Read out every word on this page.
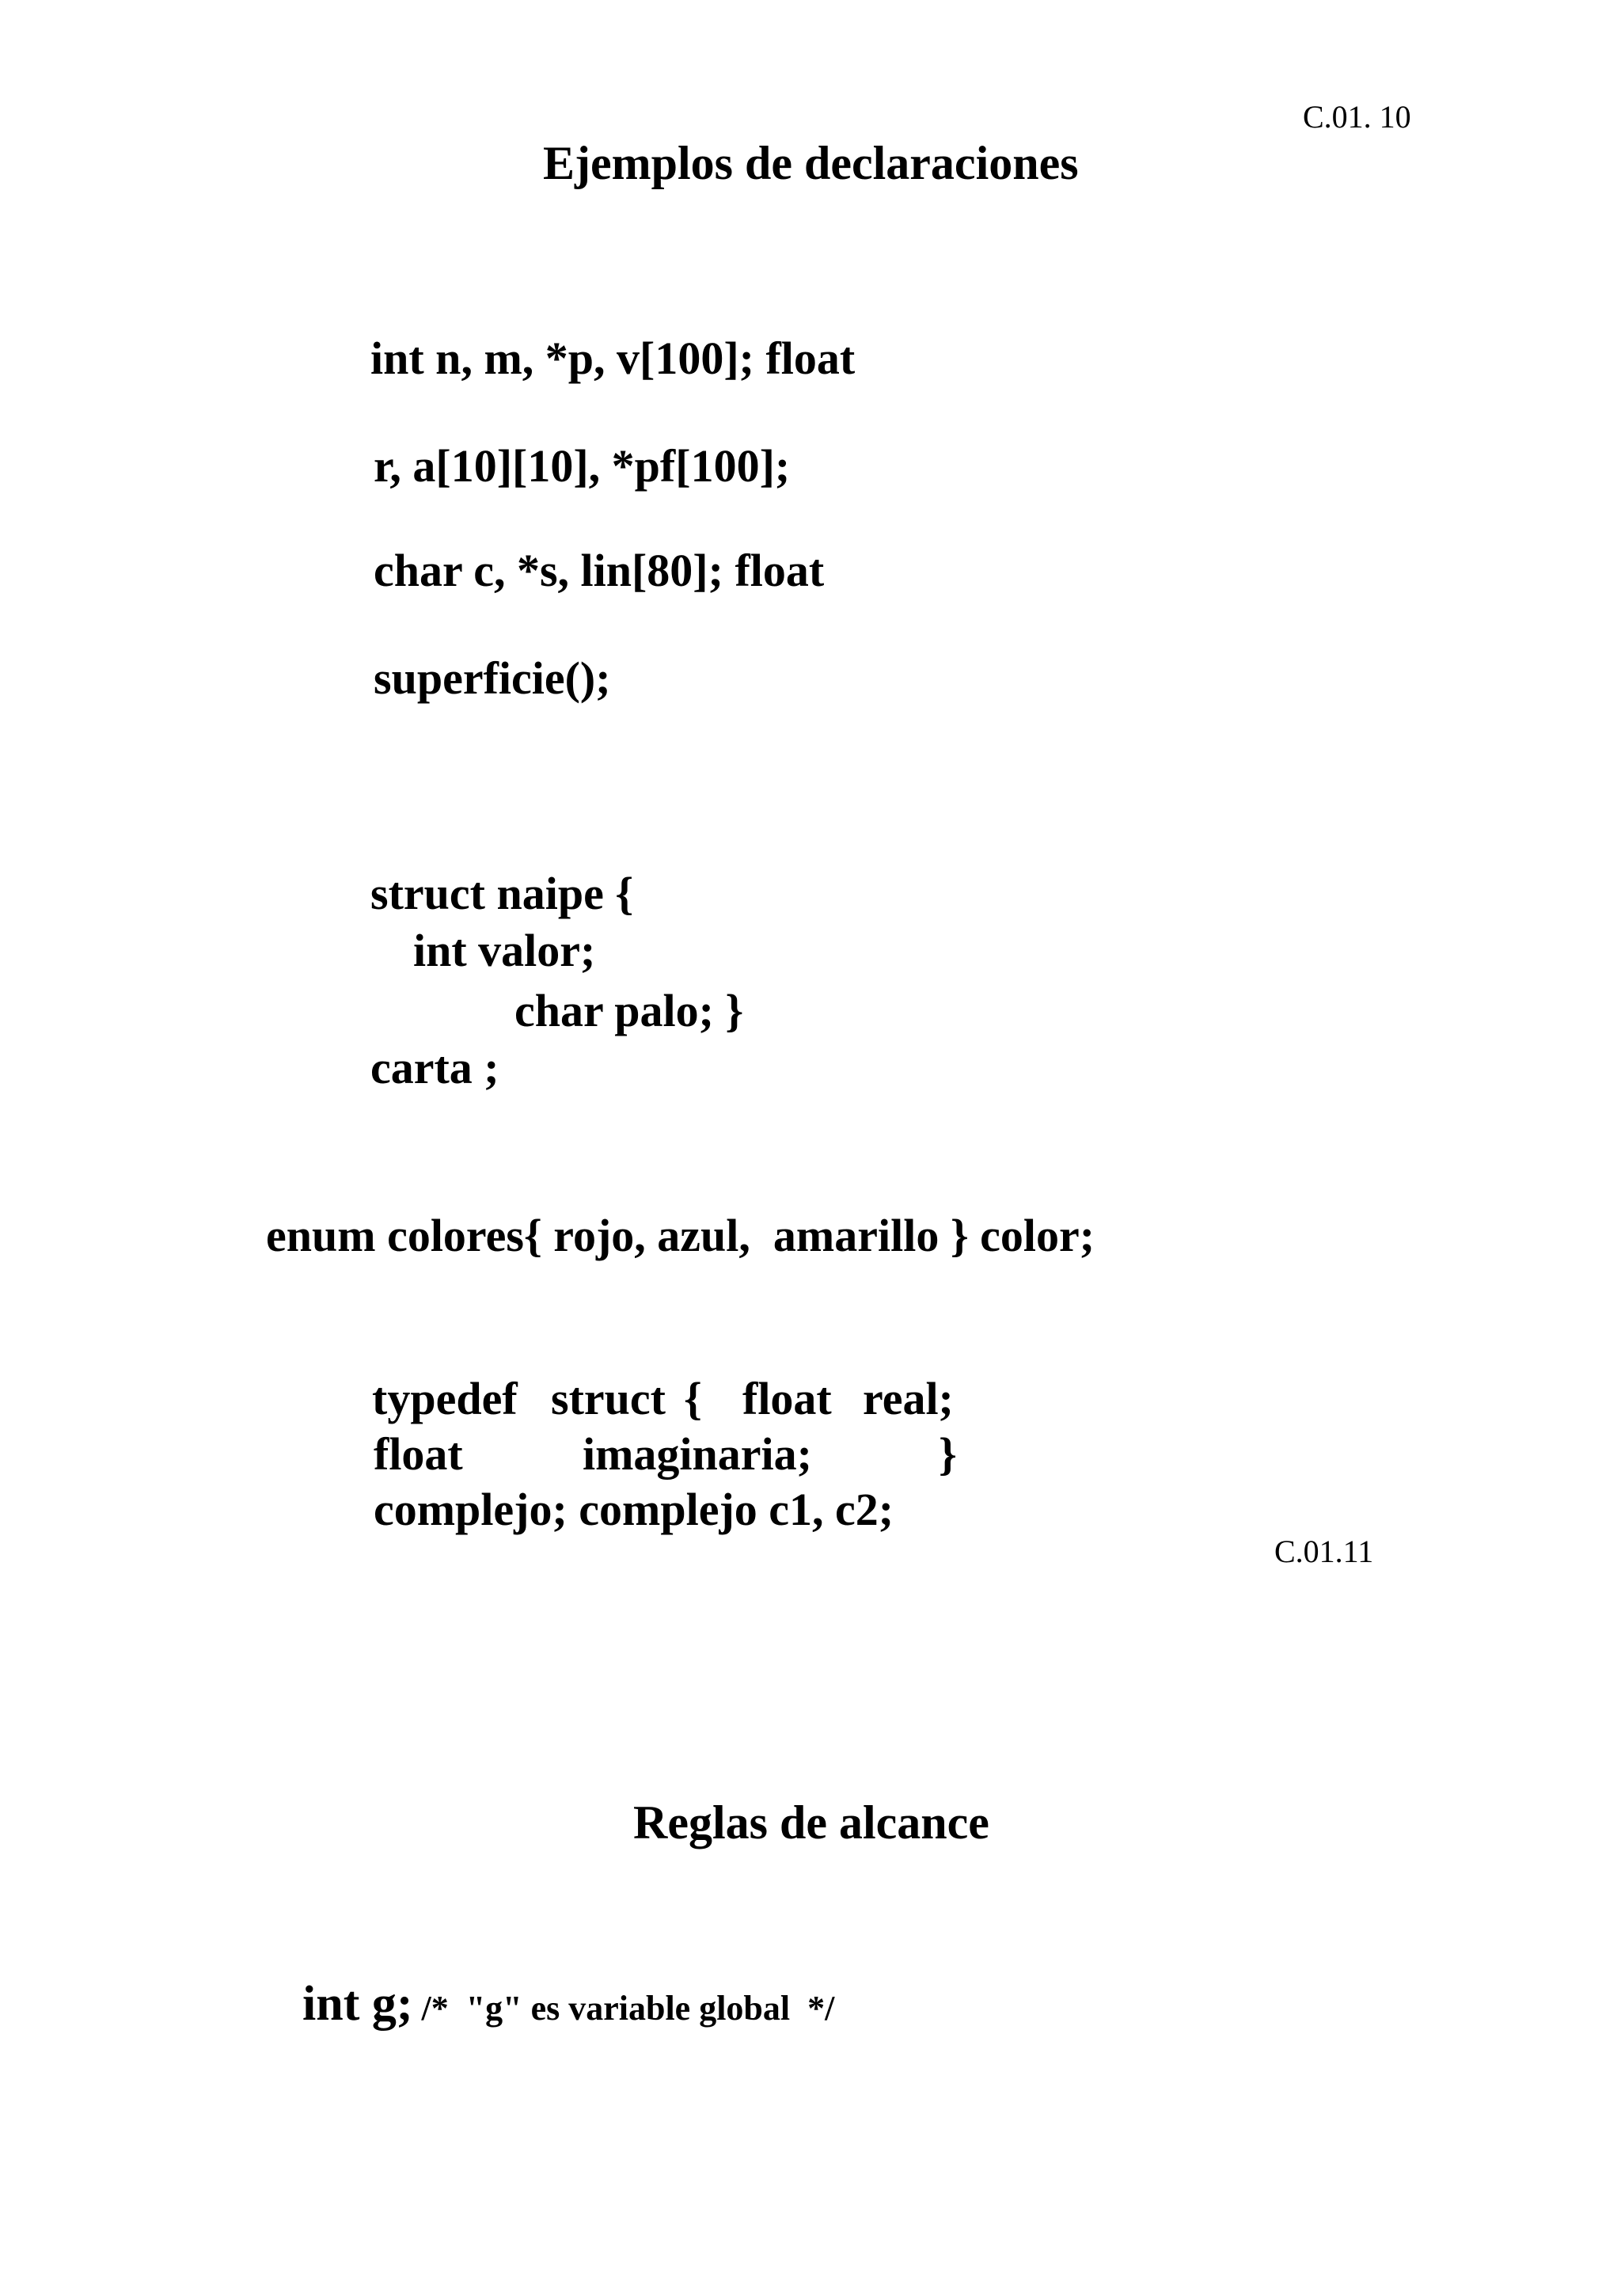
C.01. 10
Ejemplos de declaraciones
int n, m, *p, v[100]; float
r, a[10][10], *pf[100];
char c, *s, lin[80]; float
superficie();
struct naipe {
int valor;
char palo; }
carta ;
enum colores{ rojo, azul,  amarillo } color;
typedef struct { float real;
float	imaginaria;	}
complejo; complejo c1, c2;
C.01.11
Reglas de alcance

int g; /*  "g" es variable global  */
